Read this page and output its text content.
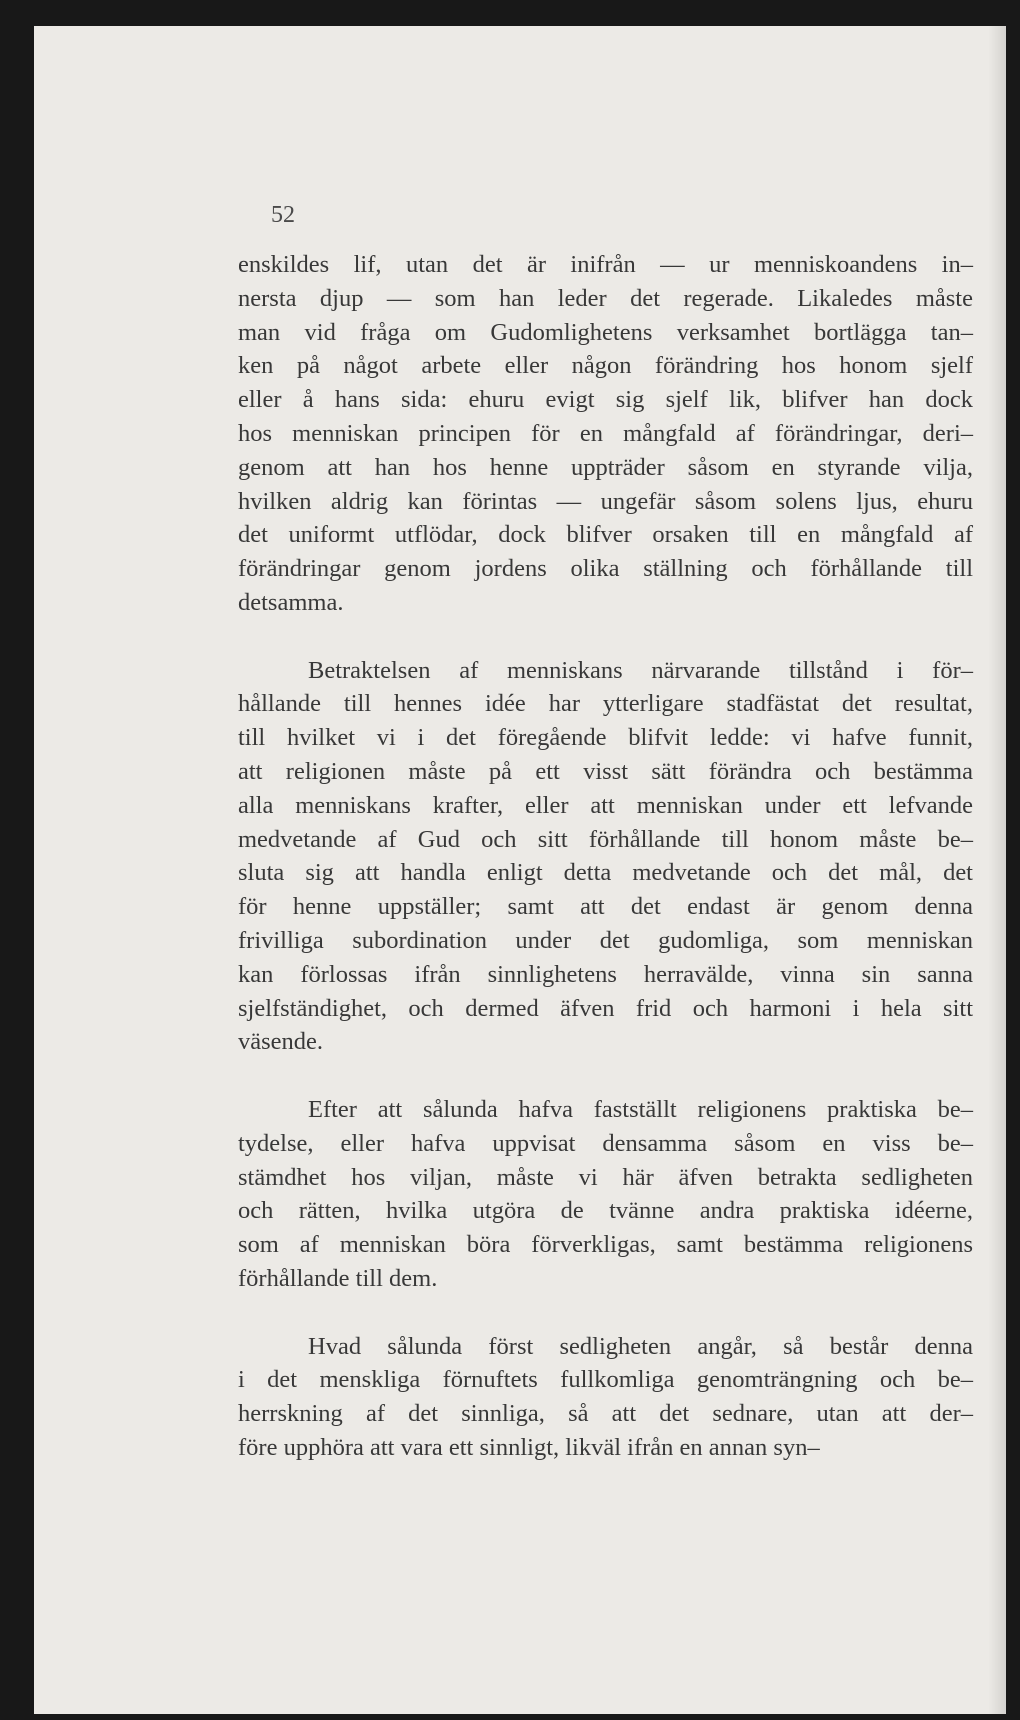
52

enskildes lif, utan det är inifrån — ur menniskoandens in–
nersta djup — som han leder det regerade. Likaledes måste
man vid fråga om Gudomlighetens verksamhet bortlägga tan–
ken på något arbete eller någon förändring hos honom sjelf
eller å hans sida: ehuru evigt sig sjelf lik, blifver han dock
hos menniskan principen för en mångfald af förändringar, deri–
genom att han hos henne uppträder såsom en styrande vilja,
hvilken aldrig kan förintas — ungefär såsom solens ljus, ehuru
det uniformt utflödar, dock blifver orsaken till en mångfald af
förändringar genom jordens olika ställning och förhållande till
detsamma.
Betraktelsen af menniskans närvarande tillstånd i för–
hållande till hennes idée har ytterligare stadfästat det resultat,
till hvilket vi i det föregående blifvit ledde: vi hafve funnit,
att religionen måste på ett visst sätt förändra och bestämma
alla menniskans krafter, eller att menniskan under ett lefvande
medvetande af Gud och sitt förhållande till honom måste be–
sluta sig att handla enligt detta medvetande och det mål, det
för henne uppställer; samt att det endast är genom denna
frivilliga subordination under det gudomliga, som menniskan
kan förlossas ifrån sinnlighetens herravälde, vinna sin sanna
sjelfständighet, och dermed äfven frid och harmoni i hela sitt
väsende.
Efter att sålunda hafva fastställt religionens praktiska be–
tydelse, eller hafva uppvisat densamma såsom en viss be–
stämdhet hos viljan, måste vi här äfven betrakta sedligheten
och rätten, hvilka utgöra de tvänne andra praktiska idéerne,
som af menniskan böra förverkligas, samt bestämma religionens
förhållande till dem.
Hvad sålunda först sedligheten angår, så består denna
i det menskliga förnuftets fullkomliga genomträngning och be–
herrskning af det sinnliga, så att det sednare, utan att der–
före upphöra att vara ett sinnligt, likväl ifrån en annan syn–
